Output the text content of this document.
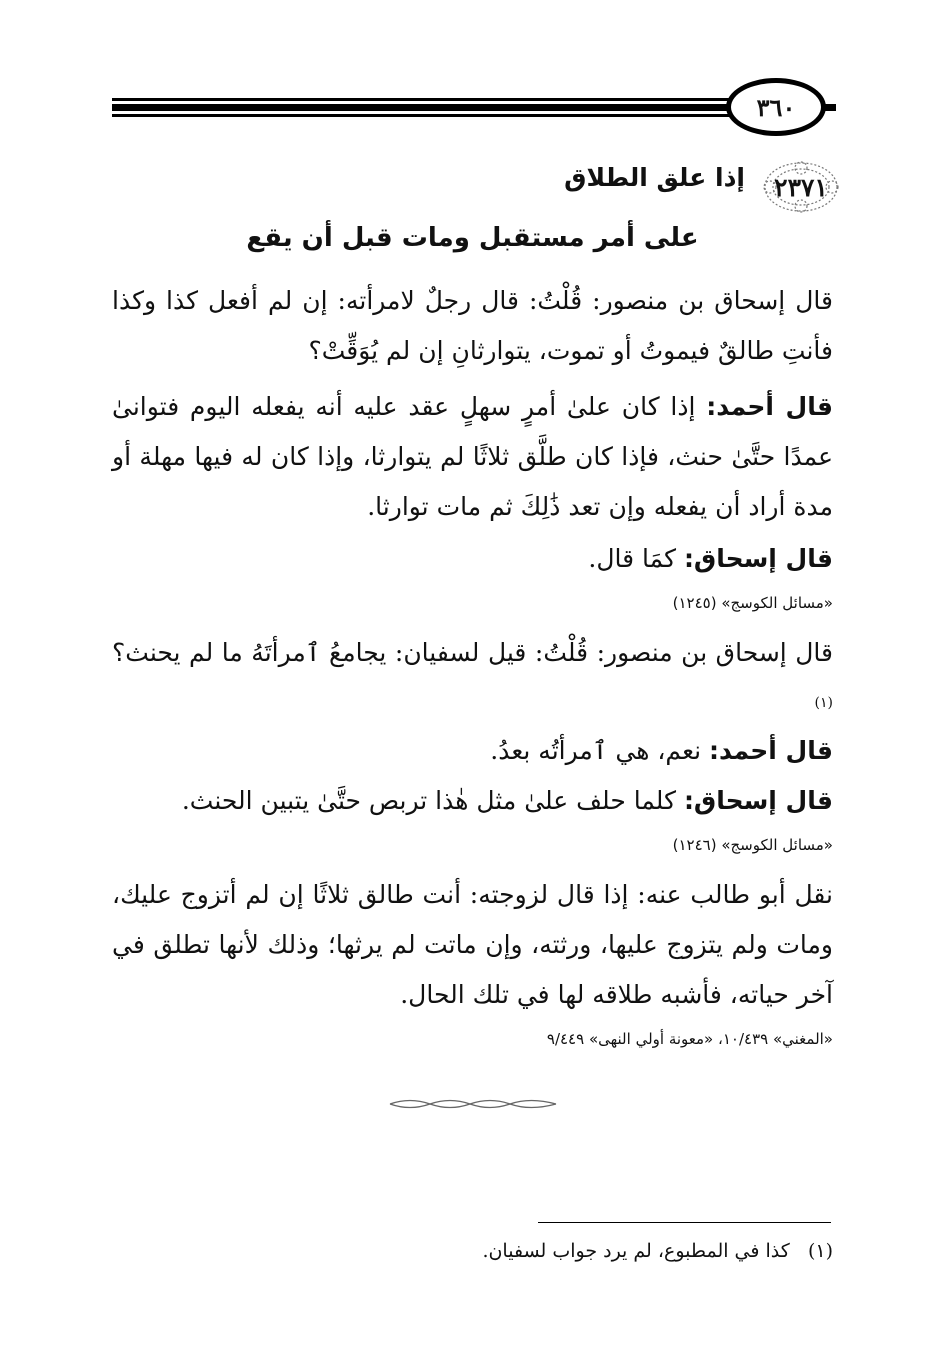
٣٦٠
٢٣٧١
إذا علق الطلاق
على أمر مستقبل ومات قبل أن يقع
قال إسحاق بن منصور: قُلْتُ: قال رجلٌ لامرأته: إن لم أفعل كذا وكذا فأنتِ طالقٌ فيموتُ أو تموت، يتوارثانِ إن لم يُوَقِّتْ؟
قال أحمد: إذا كان علىٰ أمرٍ سهلٍ عقد عليه أنه يفعله اليوم فتوانىٰ عمدًا حتَّىٰ حنث، فإذا كان طلَّق ثلاثًا لم يتوارثا، وإذا كان له فيها مهلة أو مدة أراد أن يفعله وإن تعد ذَٰلِكَ ثم مات توارثا.
قال إسحاق: كمَا قال.
«مسائل الكوسج» (١٢٤٥)
قال إسحاق بن منصور: قُلْتُ: قيل لسفيان: يجامعُ ٱمرأتَهُ ما لم يحنث؟$^{(١)}$
قال أحمد: نعم، هي ٱمرأتُه بعدُ.
قال إسحاق: كلما حلف علىٰ مثل هٰذا تربص حتَّىٰ يتبين الحنث.
«مسائل الكوسج» (١٢٤٦)
نقل أبو طالب عنه: إذا قال لزوجته: أنت طالق ثلاثًا إن لم أتزوج عليك، ومات ولم يتزوج عليها، ورثته، وإن ماتت لم يرثها؛ وذلك لأنها تطلق في آخر حياته، فأشبه طلاقه لها في تلك الحال.
«المغني» ١٠/٤٣٩، «معونة أولي النهى» ٩/٤٤٩
(١)   كذا في المطبوع، لم يرد جواب لسفيان.
